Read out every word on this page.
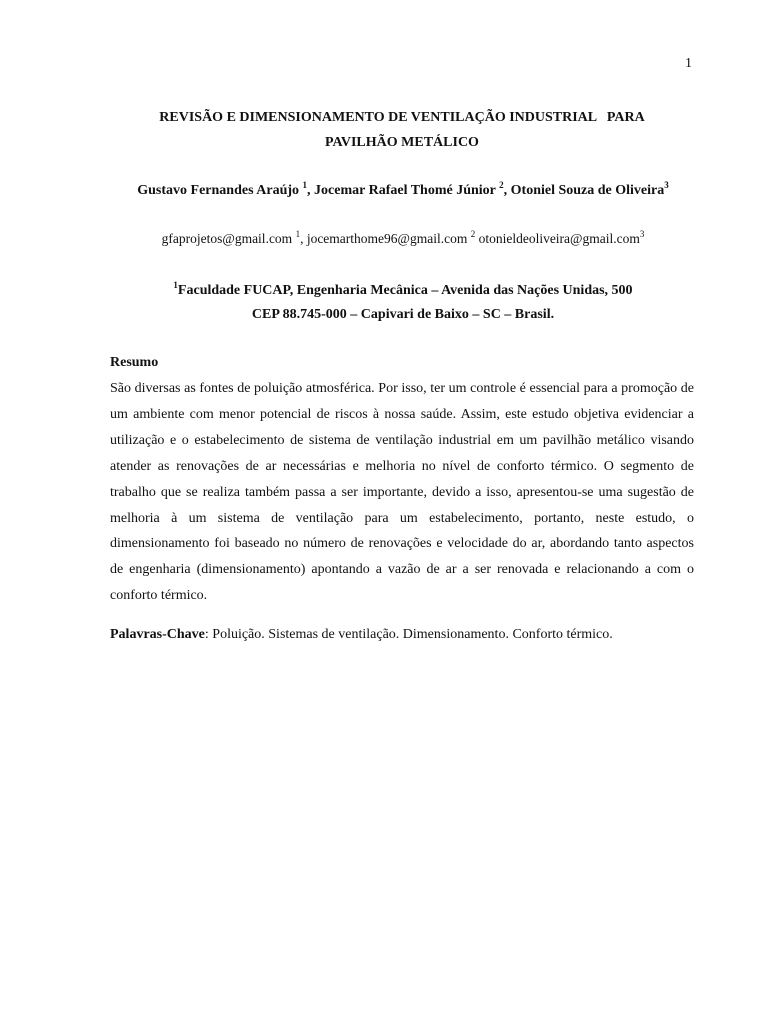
1
REVISÃO E DIMENSIONAMENTO DE VENTILAÇÃO INDUSTRIAL   PARA
PAVILHÃO METÁLICO
Gustavo Fernandes Araújo $^1$, Jocemar Rafael Thomé Júnior $^2$, Otoniel Souza de Oliveira$^3$
gfaprojetos@gmail.com $^1$, jocemarthome96@gmail.com $^2$ otonieldeoliveira@gmail.com$^3$
$^1$Faculdade FUCAP, Engenharia Mecânica – Avenida das Nações Unidas, 500
CEP 88.745-000 – Capivari de Baixo – SC – Brasil.
Resumo
São diversas as fontes de poluição atmosférica. Por isso, ter um controle é essencial para a promoção de um ambiente com menor potencial de riscos à nossa saúde. Assim, este estudo objetiva evidenciar a utilização e o estabelecimento de sistema de ventilação industrial em um pavilhão metálico visando atender as renovações de ar necessárias e melhoria no nível de conforto térmico. O segmento de trabalho que se realiza também passa a ser importante, devido a isso, apresentou-se uma sugestão de melhoria à um sistema de ventilação para um estabelecimento, portanto, neste estudo, o dimensionamento foi baseado no número de renovações e velocidade do ar, abordando tanto aspectos de engenharia (dimensionamento) apontando a vazão de ar a ser renovada e relacionando a com o conforto térmico.
Palavras-Chave: Poluição. Sistemas de ventilação. Dimensionamento. Conforto térmico.
